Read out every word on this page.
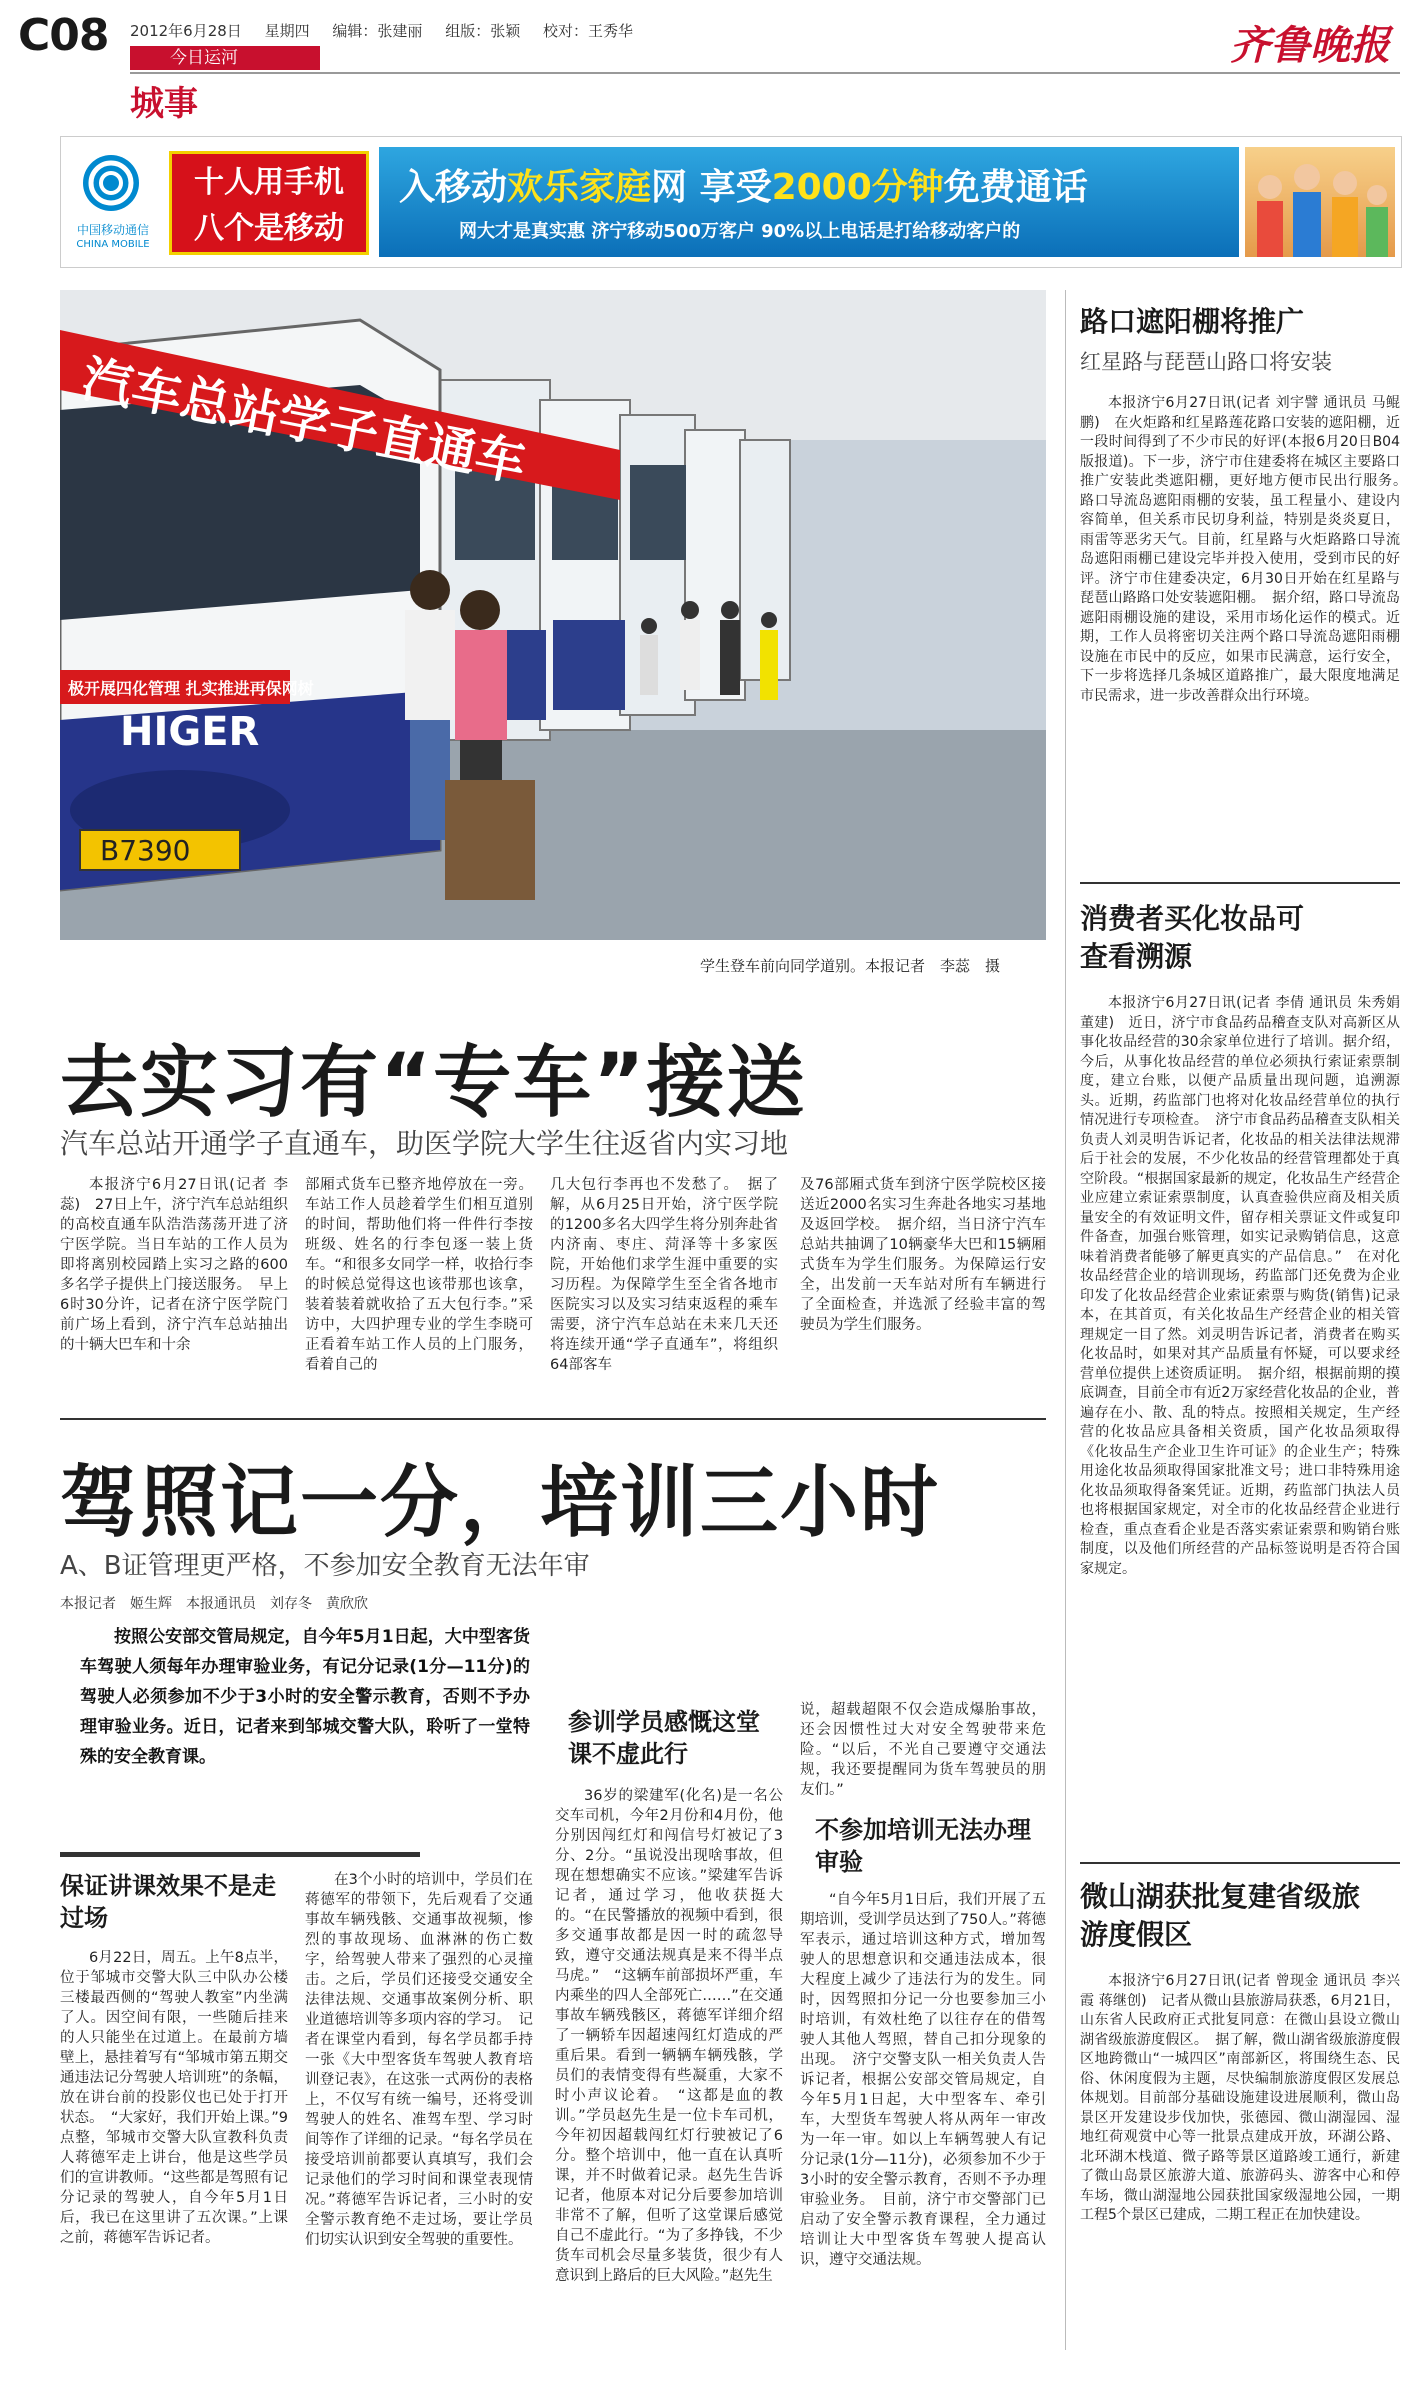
C08 2012年6月28日 星期四 编辑：张建丽 组版：张颖 校对：王秀华
今日运河
城事
齐鲁晚报
中国移动通信
CHINA MOBILE
十人用手机
八个是移动
入移动欢乐家庭网 享受2000分钟免费通话
网大才是真实惠 济宁移动500万客户 90%以上电话是打给移动客户的
B7390
HIGER
汽车总站学子直通车
极开展四化管理 扎实推进再保网树
学生登车前向同学道别。本报记者　李蕊　摄
去实习有“专车”接送
汽车总站开通学子直通车，助医学院大学生往返省内实习地

本报济宁6月27日讯(记者 李蕊)　27日上午，济宁汽车总站组织的高校直通车队浩浩荡荡开进了济宁医学院。当日车站的工作人员为即将离别校园踏上实习之路的600多名学子提供上门接送服务。　早上6时30分许，记者在济宁医学院门前广场上看到，济宁汽车总站抽出的十辆大巴车和十余

部厢式货车已整齐地停放在一旁。车站工作人员趁着学生们相互道别的时间，帮助他们将一件件行李按班级、姓名的行李包逐一装上货车。“和很多女同学一样，收拾行李的时候总觉得这也该带那也该拿，装着装着就收拾了五大包行李。”采访中，大四护理专业的学生李晓可正看着车站工作人员的上门服务，看着自己的

几大包行李再也不发愁了。　据了解，从6月25日开始，济宁医学院的1200多名大四学生将分别奔赴省内济南、枣庄、菏泽等十多家医院，开始他们求学生涯中重要的实习历程。为保障学生至全省各地市医院实习以及实习结束返程的乘车需要，济宁汽车总站在未来几天还将连续开通“学子直通车”，将组织64部客车

及76部厢式货车到济宁医学院校区接送近2000名实习生奔赴各地实习基地及返回学校。　据介绍，当日济宁汽车总站共抽调了10辆豪华大巴和15辆厢式货车为学生们服务。为保障运行安全，出发前一天车站对所有车辆进行了全面检查，并选派了经验丰富的驾驶员为学生们服务。

驾照记一分，培训三小时
A、B证管理更严格，不参加安全教育无法年审
本报记者　姬生辉　本报通讯员　刘存冬　黄欣欣

按照公安部交管局规定，自今年5月1日起，大中型客货车驾驶人须每年办理审验业务，有记分记录(1分—11分)的驾驶人必须参加不少于3小时的安全警示教育，否则不予办理审验业务。近日，记者来到邹城交警大队，聆听了一堂特殊的安全教育课。

保证讲课效果不是走过场

6月22日，周五。上午8点半，位于邹城市交警大队三中队办公楼三楼最西侧的“驾驶人教室”内坐满了人。因空间有限，一些随后挂来的人只能坐在过道上。在最前方墙壁上，悬挂着写有“邹城市第五期交通违法记分驾驶人培训班”的条幅，放在讲台前的投影仪也已处于打开状态。　“大家好，我们开始上课。”9点整，邹城市交警大队宣教科负责人蒋德军走上讲台，他是这些学员们的宣讲教师。“这些都是驾照有记分记录的驾驶人，自今年5月1日后，我已在这里讲了五次课。”上课之前，蒋德军告诉记者。

在3个小时的培训中，学员们在蒋德军的带领下，先后观看了交通事故车辆残骸、交通事故视频，惨烈的事故现场、血淋淋的伤亡数字，给驾驶人带来了强烈的心灵撞击。之后，学员们还接受交通安全法律法规、交通事故案例分析、职业道德培训等多项内容的学习。　记者在课堂内看到，每名学员都手持一张《大中型客货车驾驶人教育培训登记表》，在这张一式两份的表格上，不仅写有统一编号，还将受训驾驶人的姓名、准驾车型、学习时间等作了详细的记录。“每名学员在接受培训前都要认真填写，我们会记录他们的学习时间和课堂表现情况。”蒋德军告诉记者，三小时的安全警示教育绝不走过场，要让学员们切实认识到安全驾驶的重要性。

参训学员感慨这堂课不虚此行

36岁的梁建军(化名)是一名公交车司机，今年2月份和4月份，他分别因闯红灯和闯信号灯被记了3分、2分。“虽说没出现啥事故，但现在想想确实不应该。”梁建军告诉记者，通过学习，他收获挺大的。“在民警播放的视频中看到，很多交通事故都是因一时的疏忽导致，遵守交通法规真是来不得半点马虎。”　“这辆车前部损坏严重，车内乘坐的四人全部死亡……”在交通事故车辆残骸区，蒋德军详细介绍了一辆轿车因超速闯红灯造成的严重后果。看到一辆辆车辆残骸，学员们的表情变得有些凝重，大家不时小声议论着。　“这都是血的教训。”学员赵先生是一位卡车司机，今年初因超载闯红灯行驶被记了6分。整个培训中，他一直在认真听课，并不时做着记录。赵先生告诉记者，他原本对记分后要参加培训非常不了解，但听了这堂课后感觉自己不虚此行。“为了多挣钱，不少货车司机会尽量多装货，很少有人意识到上路后的巨大风险。”赵先生

说，超载超限不仅会造成爆胎事故，还会因惯性过大对安全驾驶带来危险。“以后，不光自己要遵守交通法规，我还要提醒同为货车驾驶员的朋友们。”

不参加培训无法办理审验

“自今年5月1日后，我们开展了五期培训，受训学员达到了750人。”蒋德军表示，通过培训这种方式，增加驾驶人的思想意识和交通违法成本，很大程度上减少了违法行为的发生。同时，因驾照扣分记一分也要参加三小时培训，有效杜绝了以往存在的借驾驶人其他人驾照，替自己扣分现象的出现。　济宁交警支队一相关负责人告诉记者，根据公安部交管局规定，自今年5月1日起，大中型客车、牵引车，大型货车驾驶人将从两年一审改为一年一审。如以上车辆驾驶人有记分记录(1分—11分)，必须参加不少于3小时的安全警示教育，否则不予办理审验业务。　目前，济宁市交警部门已启动了安全警示教育课程，全力通过培训让大中型客货车驾驶人提高认识，遵守交通法规。

路口遮阳棚将推广
红星路与琵琶山路口将安装

本报济宁6月27日讯(记者 刘宇譬 通讯员 马鲲鹏)　在火炬路和红星路莲花路口安装的遮阳棚，近一段时间得到了不少市民的好评(本报6月20日B04版报道)。下一步，济宁市住建委将在城区主要路口推广安装此类遮阳棚，更好地方便市民出行服务。　路口导流岛遮阳雨棚的安装，虽工程量小、建设内容简单，但关系市民切身利益，特别是炎炎夏日，雨雷等恶劣天气。目前，红星路与火炬路路口导流岛遮阳雨棚已建设完毕并投入使用，受到市民的好评。济宁市住建委决定，6月30日开始在红星路与琵琶山路路口处安装遮阳棚。　据介绍，路口导流岛遮阳雨棚设施的建设，采用市场化运作的模式。近期，工作人员将密切关注两个路口导流岛遮阳雨棚设施在市民中的反应，如果市民满意，运行安全，下一步将选择几条城区道路推广，最大限度地满足市民需求，进一步改善群众出行环境。

消费者买化妆品可查看溯源

本报济宁6月27日讯(记者 李倩 通讯员 朱秀娟 董建)　近日，济宁市食品药品稽查支队对高新区从事化妆品经营的30余家单位进行了培训。据介绍，今后，从事化妆品经营的单位必须执行索证索票制度，建立台账，以便产品质量出现问题，追溯源头。近期，药监部门也将对化妆品经营单位的执行情况进行专项检查。　济宁市食品药品稽查支队相关负责人刘灵明告诉记者，化妆品的相关法律法规滞后于社会的发展，不少化妆品的经营管理都处于真空阶段。“根据国家最新的规定，化妆品生产经营企业应建立索证索票制度，认真查验供应商及相关质量安全的有效证明文件，留存相关票证文件或复印件备查，加强台账管理，如实记录购销信息，这意味着消费者能够了解更真实的产品信息。”　在对化妆品经营企业的培训现场，药监部门还免费为企业印发了化妆品经营企业索证索票与购货(销售)记录本，在其首页，有关化妆品生产经营企业的相关管理规定一目了然。刘灵明告诉记者，消费者在购买化妆品时，如果对其产品质量有怀疑，可以要求经营单位提供上述资质证明。　据介绍，根据前期的摸底调查，目前全市有近2万家经营化妆品的企业，普遍存在小、散、乱的特点。按照相关规定，生产经营的化妆品应具备相关资质，国产化妆品须取得《化妆品生产企业卫生许可证》的企业生产；特殊用途化妆品须取得国家批准文号；进口非特殊用途化妆品须取得备案凭证。近期，药监部门执法人员也将根据国家规定，对全市的化妆品经营企业进行检查，重点查看企业是否落实索证索票和购销台账制度，以及他们所经营的产品标签说明是否符合国家规定。

微山湖获批复建省级旅游度假区

本报济宁6月27日讯(记者 曾现金 通讯员 李兴霞 蒋继创)　记者从微山县旅游局获悉，6月21日，山东省人民政府正式批复同意：在微山县设立微山湖省级旅游度假区。　据了解，微山湖省级旅游度假区地跨微山“一城四区”南部新区，将围绕生态、民俗、休闲度假为主题，尽快编制旅游度假区发展总体规划。目前部分基础设施建设进展顺利，微山岛景区开发建设步伐加快，张德园、微山湖湿园、湿地红荷观赏中心等一批景点建成开放，环湖公路、北环湖木栈道、微子路等景区道路竣工通行，新建了微山岛景区旅游大道、旅游码头、游客中心和停车场，微山湖湿地公园获批国家级湿地公园，一期工程5个景区已建成，二期工程正在加快建设。
